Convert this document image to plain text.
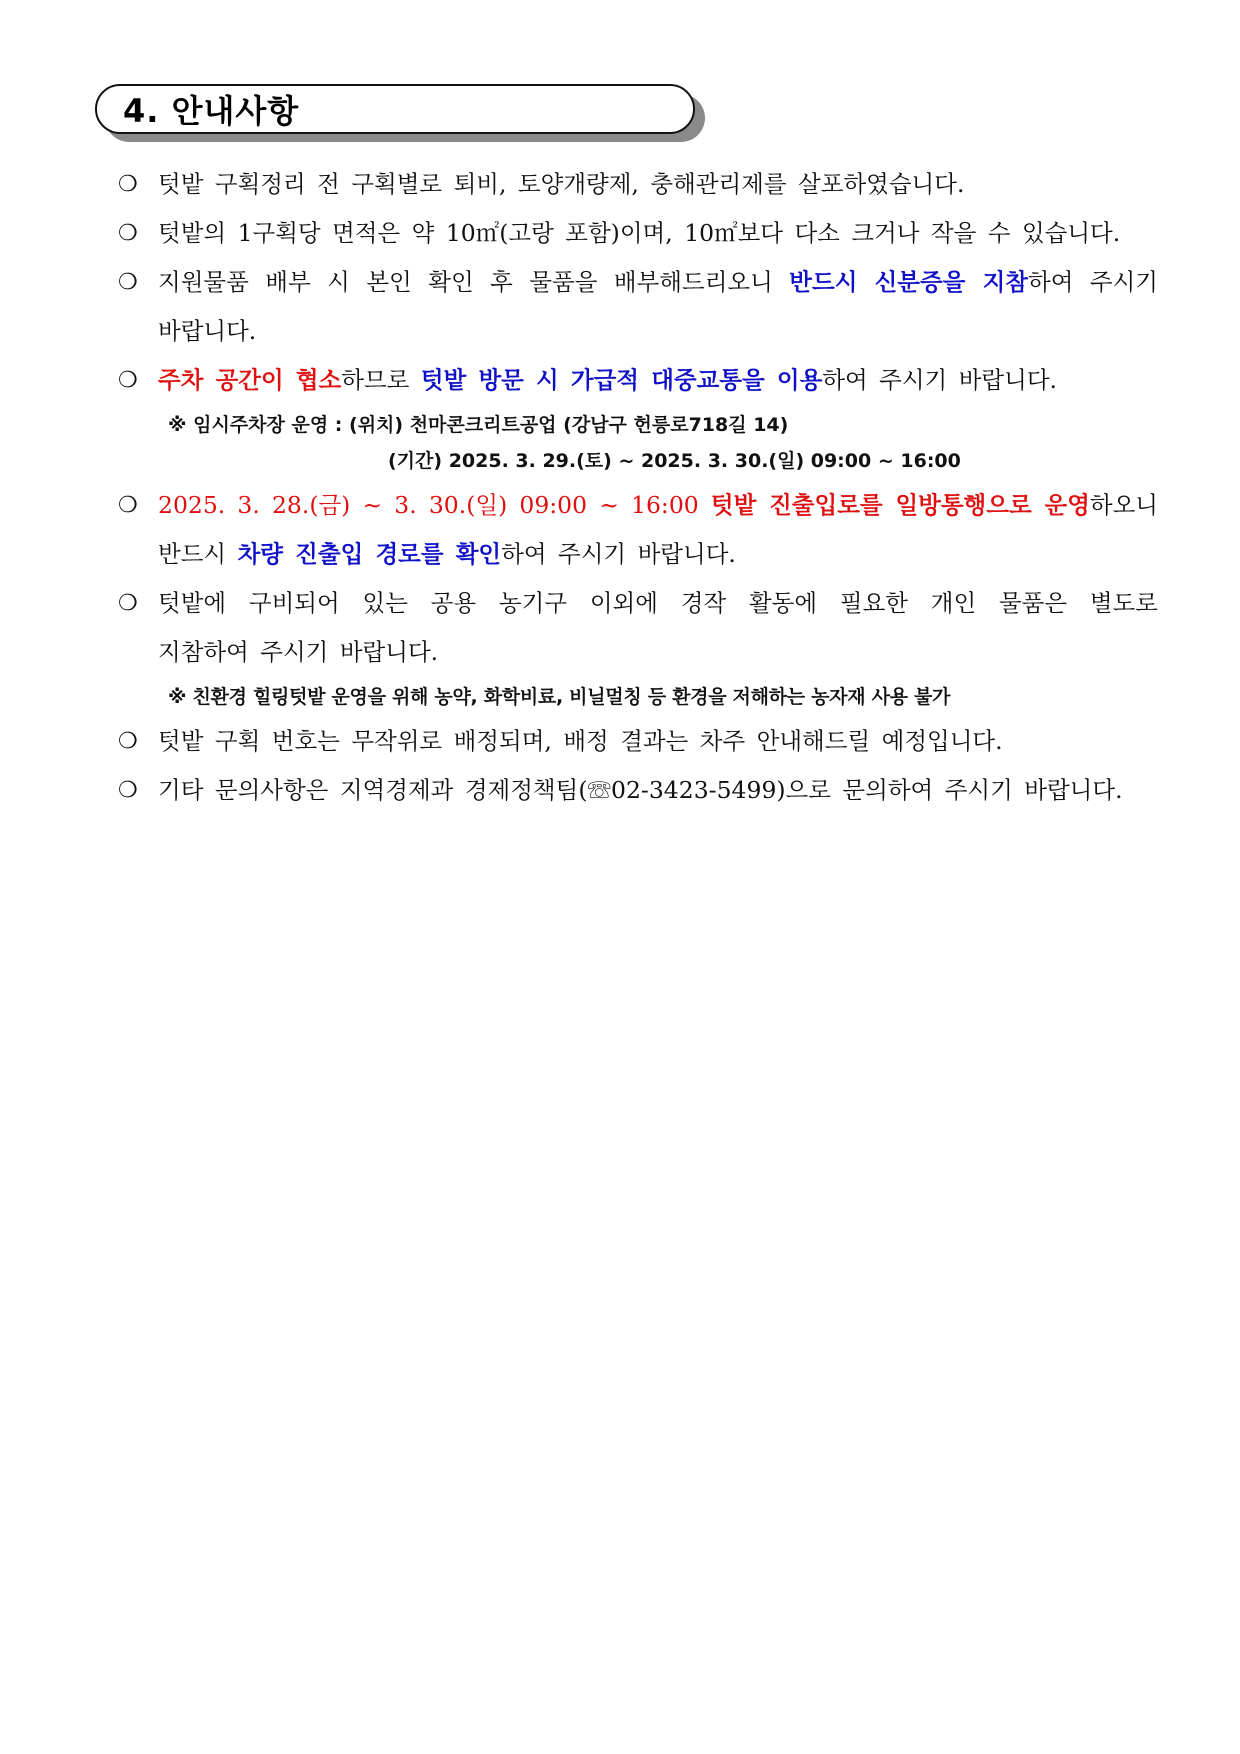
4. 안내사항
❍ 텃밭 구획정리 전 구획별로 퇴비, 토양개량제, 충해관리제를 살포하였습니다.
❍ 텃밭의 1구획당 면적은 약 10㎡(고랑 포함)이며, 10㎡보다 다소 크거나 작을 수 있습니다.
❍ 지원물품 배부 시 본인 확인 후 물품을 배부해드리오니 반드시 신분증을 지참하여 주시기
바랍니다.
❍ 주차 공간이 협소하므로 텃밭 방문 시 가급적 대중교통을 이용하여 주시기 바랍니다.
※ 임시주차장 운영 : (위치) 천마콘크리트공업 (강남구 헌릉로718길 14)
(기간) 2025. 3. 29.(토) ~ 2025. 3. 30.(일) 09:00 ~ 16:00
❍ 2025. 3. 28.(금) ~ 3. 30.(일) 09:00 ~ 16:00 텃밭 진출입로를 일방통행으로 운영하오니
반드시 차량 진출입 경로를 확인하여 주시기 바랍니다.
❍ 텃밭에 구비되어 있는 공용 농기구 이외에 경작 활동에 필요한 개인 물품은 별도로
지참하여 주시기 바랍니다.
※ 친환경 힐링텃밭 운영을 위해 농약, 화학비료, 비닐멀칭 등 환경을 저해하는 농자재 사용 불가
❍ 텃밭 구획 번호는 무작위로 배정되며, 배정 결과는 차주 안내해드릴 예정입니다.
❍ 기타 문의사항은 지역경제과 경제정책팀(☏02-3423-5499)으로 문의하여 주시기 바랍니다.
